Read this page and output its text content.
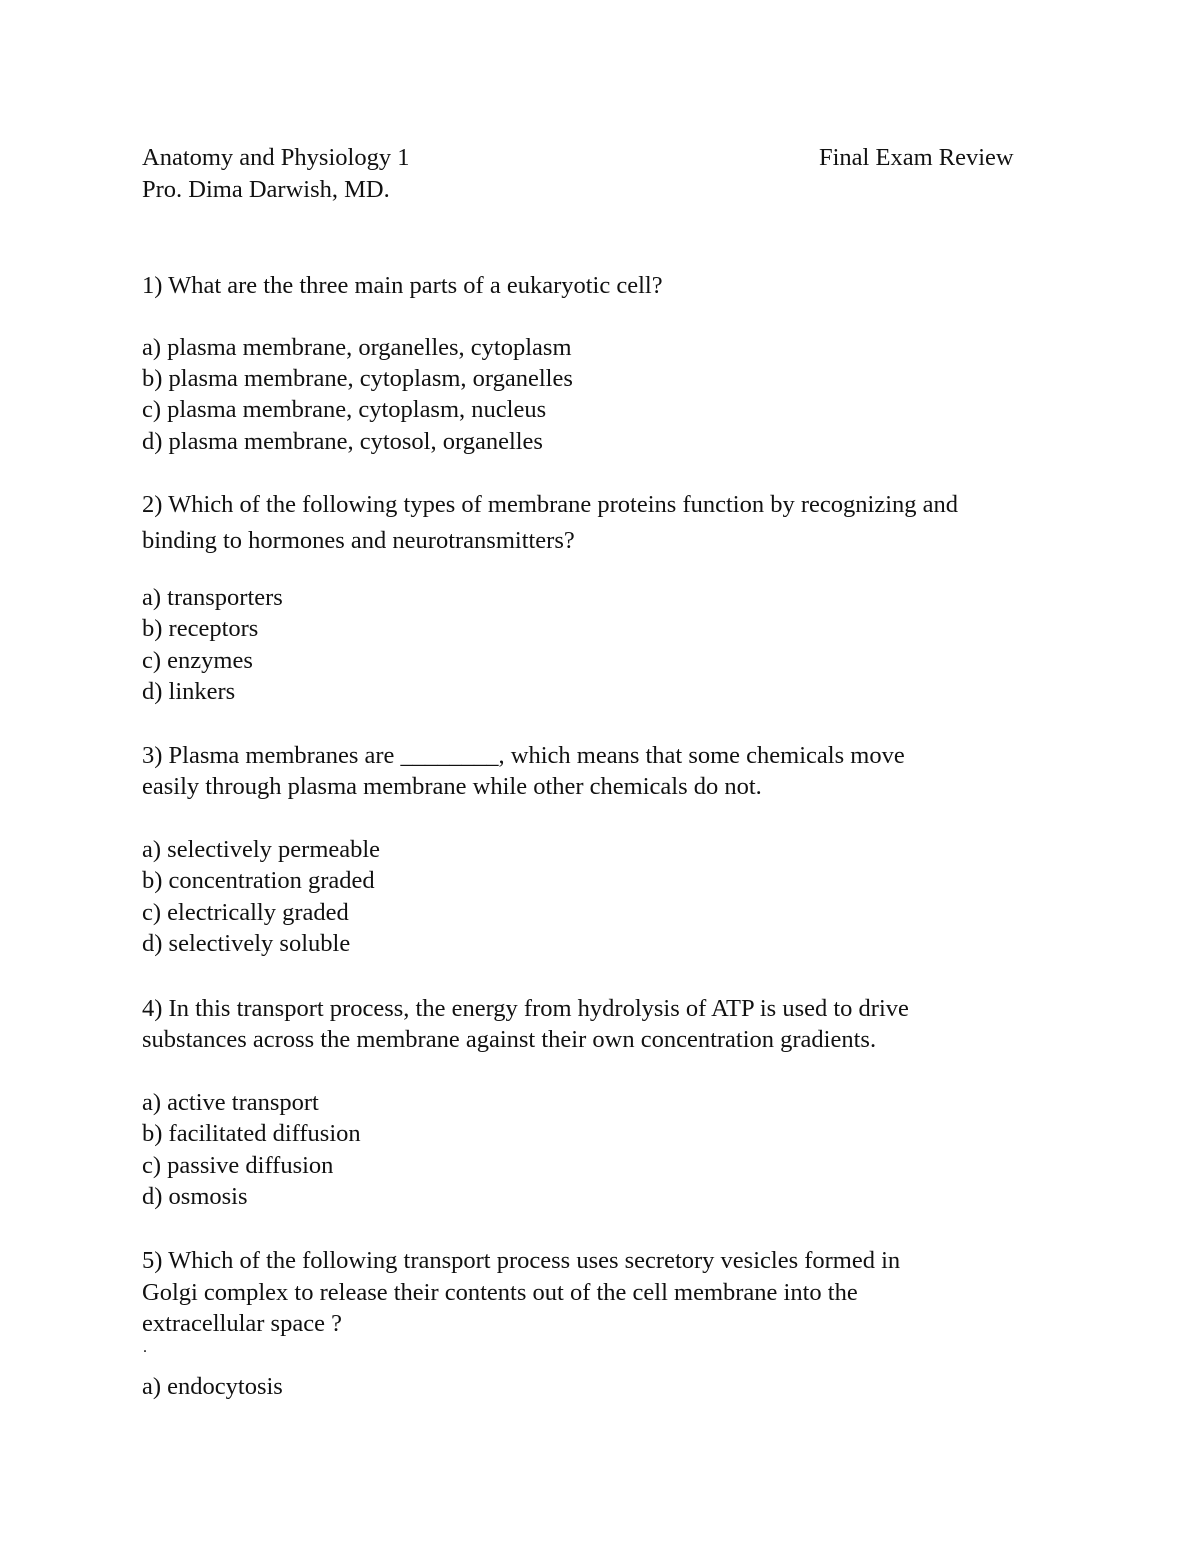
Anatomy and Physiology 1	Final Exam Review
Pro. Dima Darwish, MD.
1) What are the three main parts of a eukaryotic cell?
a) plasma membrane, organelles, cytoplasm
b) plasma membrane, cytoplasm, organelles
c) plasma membrane, cytoplasm, nucleus
d) plasma membrane, cytosol, organelles
2) Which of the following types of membrane proteins function by recognizing and
binding to hormones and neurotransmitters?
a) transporters
b) receptors
c) enzymes
d) linkers
3) Plasma membranes are ________, which means that some chemicals move
easily through plasma membrane while other chemicals do not.
a) selectively permeable
b) concentration graded
c) electrically graded
d) selectively soluble
4) In this transport process, the energy from hydrolysis of ATP is used to drive
substances across the membrane against their own concentration gradients.
a) active transport
b) facilitated diffusion
c) passive diffusion
d) osmosis
5) Which of the following transport process uses secretory vesicles formed in
Golgi complex to release their contents out of the cell membrane into the
extracellular space ?
.
a) endocytosis
